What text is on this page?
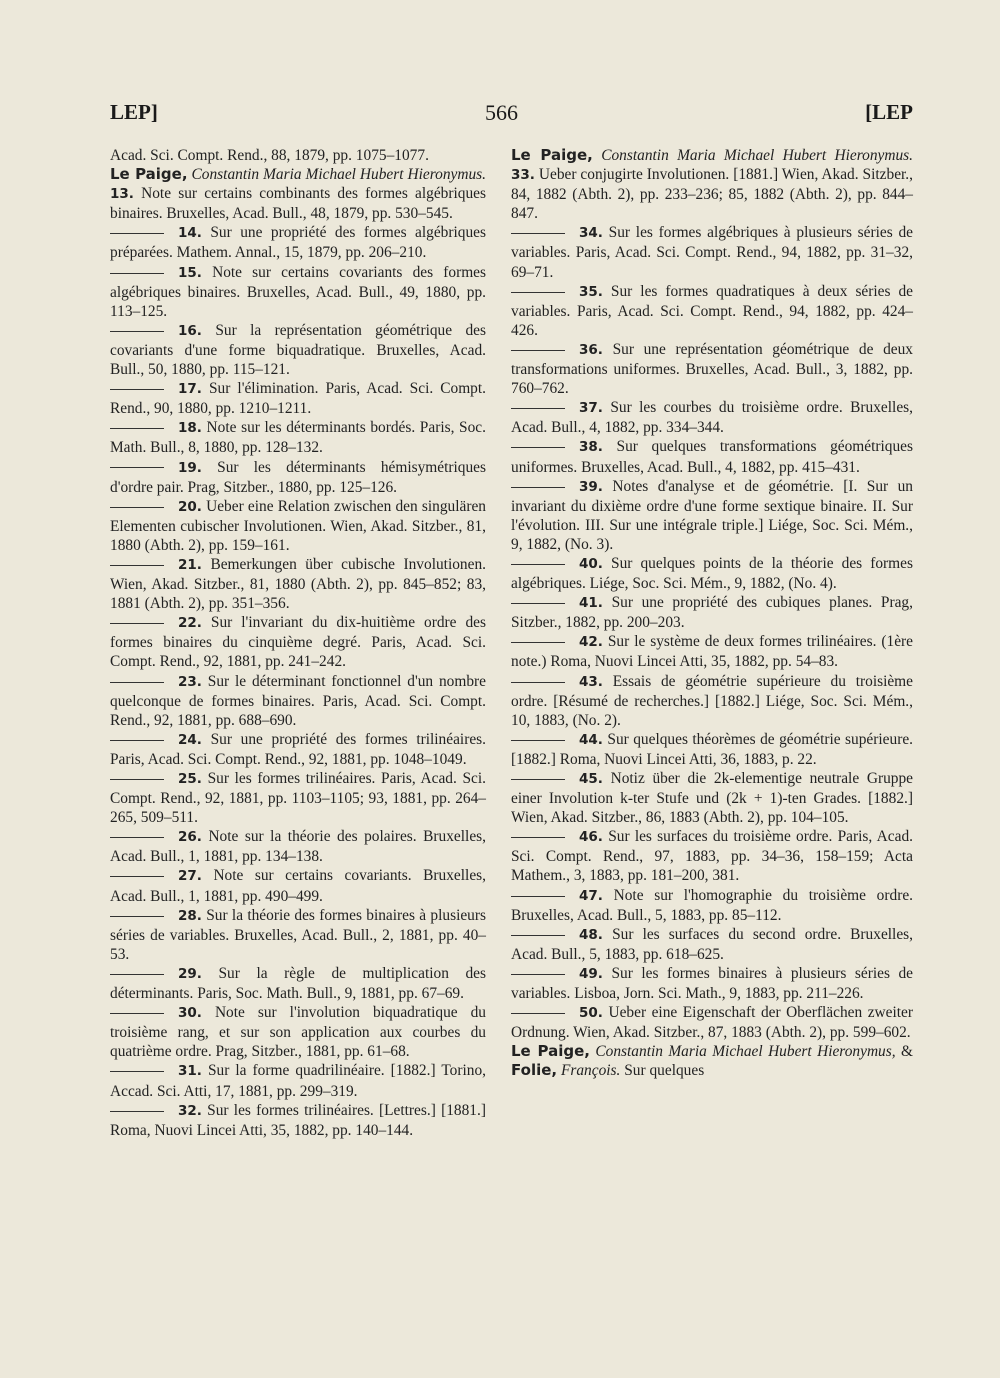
LEP]	566	[LEP

Acad. Sci. Compt. Rend., 88, 1879, pp. 1075–1077.

Le Paige, Constantin Maria Michael Hubert Hieronymus. 13. Note sur certains combinants des formes algébriques binaires. Bruxelles, Acad. Bull., 48, 1879, pp. 530–545.

14. Sur une propriété des formes algébriques préparées. Mathem. Annal., 15, 1879, pp. 206–210.

15. Note sur certains covariants des formes algébriques binaires. Bruxelles, Acad. Bull., 49, 1880, pp. 113–125.

16. Sur la représentation géométrique des covariants d'une forme biquadratique. Bruxelles, Acad. Bull., 50, 1880, pp. 115–121.

17. Sur l'élimination. Paris, Acad. Sci. Compt. Rend., 90, 1880, pp. 1210–1211.

18. Note sur les déterminants bordés. Paris, Soc. Math. Bull., 8, 1880, pp. 128–132.

19. Sur les déterminants hémisymétriques d'ordre pair. Prag, Sitzber., 1880, pp. 125–126.

20. Ueber eine Relation zwischen den singulären Elementen cubischer Involutionen. Wien, Akad. Sitzber., 81, 1880 (Abth. 2), pp. 159–161.

21. Bemerkungen über cubische Involutionen. Wien, Akad. Sitzber., 81, 1880 (Abth. 2), pp. 845–852; 83, 1881 (Abth. 2), pp. 351–356.

22. Sur l'invariant du dix-huitième ordre des formes binaires du cinquième degré. Paris, Acad. Sci. Compt. Rend., 92, 1881, pp. 241–242.

23. Sur le déterminant fonctionnel d'un nombre quelconque de formes binaires. Paris, Acad. Sci. Compt. Rend., 92, 1881, pp. 688–690.

24. Sur une propriété des formes trilinéaires. Paris, Acad. Sci. Compt. Rend., 92, 1881, pp. 1048–1049.

25. Sur les formes trilinéaires. Paris, Acad. Sci. Compt. Rend., 92, 1881, pp. 1103–1105; 93, 1881, pp. 264–265, 509–511.

26. Note sur la théorie des polaires. Bruxelles, Acad. Bull., 1, 1881, pp. 134–138.

27. Note sur certains covariants. Bruxelles, Acad. Bull., 1, 1881, pp. 490–499.

28. Sur la théorie des formes binaires à plusieurs séries de variables. Bruxelles, Acad. Bull., 2, 1881, pp. 40–53.

29. Sur la règle de multiplication des déterminants. Paris, Soc. Math. Bull., 9, 1881, pp. 67–69.

30. Note sur l'involution biquadratique du troisième rang, et sur son application aux courbes du quatrième ordre. Prag, Sitzber., 1881, pp. 61–68.

31. Sur la forme quadrilinéaire. [1882.] Torino, Accad. Sci. Atti, 17, 1881, pp. 299–319.

32. Sur les formes trilinéaires. [Lettres.] [1881.] Roma, Nuovi Lincei Atti, 35, 1882, pp. 140–144.

Le Paige, Constantin Maria Michael Hubert Hieronymus. 33. Ueber conjugirte Involutionen. [1881.] Wien, Akad. Sitzber., 84, 1882 (Abth. 2), pp. 233–236; 85, 1882 (Abth. 2), pp. 844–847.

34. Sur les formes algébriques à plusieurs séries de variables. Paris, Acad. Sci. Compt. Rend., 94, 1882, pp. 31–32, 69–71.

35. Sur les formes quadratiques à deux séries de variables. Paris, Acad. Sci. Compt. Rend., 94, 1882, pp. 424–426.

36. Sur une représentation géométrique de deux transformations uniformes. Bruxelles, Acad. Bull., 3, 1882, pp. 760–762.

37. Sur les courbes du troisième ordre. Bruxelles, Acad. Bull., 4, 1882, pp. 334–344.

38. Sur quelques transformations géométriques uniformes. Bruxelles, Acad. Bull., 4, 1882, pp. 415–431.

39. Notes d'analyse et de géométrie. [I. Sur un invariant du dixième ordre d'une forme sextique binaire. II. Sur l'évolution. III. Sur une intégrale triple.] Liége, Soc. Sci. Mém., 9, 1882, (No. 3).

40. Sur quelques points de la théorie des formes algébriques. Liége, Soc. Sci. Mém., 9, 1882, (No. 4).

41. Sur une propriété des cubiques planes. Prag, Sitzber., 1882, pp. 200–203.

42. Sur le système de deux formes trilinéaires. (1ère note.) Roma, Nuovi Lincei Atti, 35, 1882, pp. 54–83.

43. Essais de géométrie supérieure du troisième ordre. [Résumé de recherches.] [1882.] Liége, Soc. Sci. Mém., 10, 1883, (No. 2).

44. Sur quelques théorèmes de géométrie supérieure. [1882.] Roma, Nuovi Lincei Atti, 36, 1883, p. 22.

45. Notiz über die 2k-elementige neutrale Gruppe einer Involution k-ter Stufe und (2k + 1)-ten Grades. [1882.] Wien, Akad. Sitzber., 86, 1883 (Abth. 2), pp. 104–105.

46. Sur les surfaces du troisième ordre. Paris, Acad. Sci. Compt. Rend., 97, 1883, pp. 34–36, 158–159; Acta Mathem., 3, 1883, pp. 181–200, 381.

47. Note sur l'homographie du troisième ordre. Bruxelles, Acad. Bull., 5, 1883, pp. 85–112.

48. Sur les surfaces du second ordre. Bruxelles, Acad. Bull., 5, 1883, pp. 618–625.

49. Sur les formes binaires à plusieurs séries de variables. Lisboa, Jorn. Sci. Math., 9, 1883, pp. 211–226.

50. Ueber eine Eigenschaft der Oberflächen zweiter Ordnung. Wien, Akad. Sitzber., 87, 1883 (Abth. 2), pp. 599–602.

Le Paige, Constantin Maria Michael Hubert Hieronymus, & Folie, François. Sur quelques
